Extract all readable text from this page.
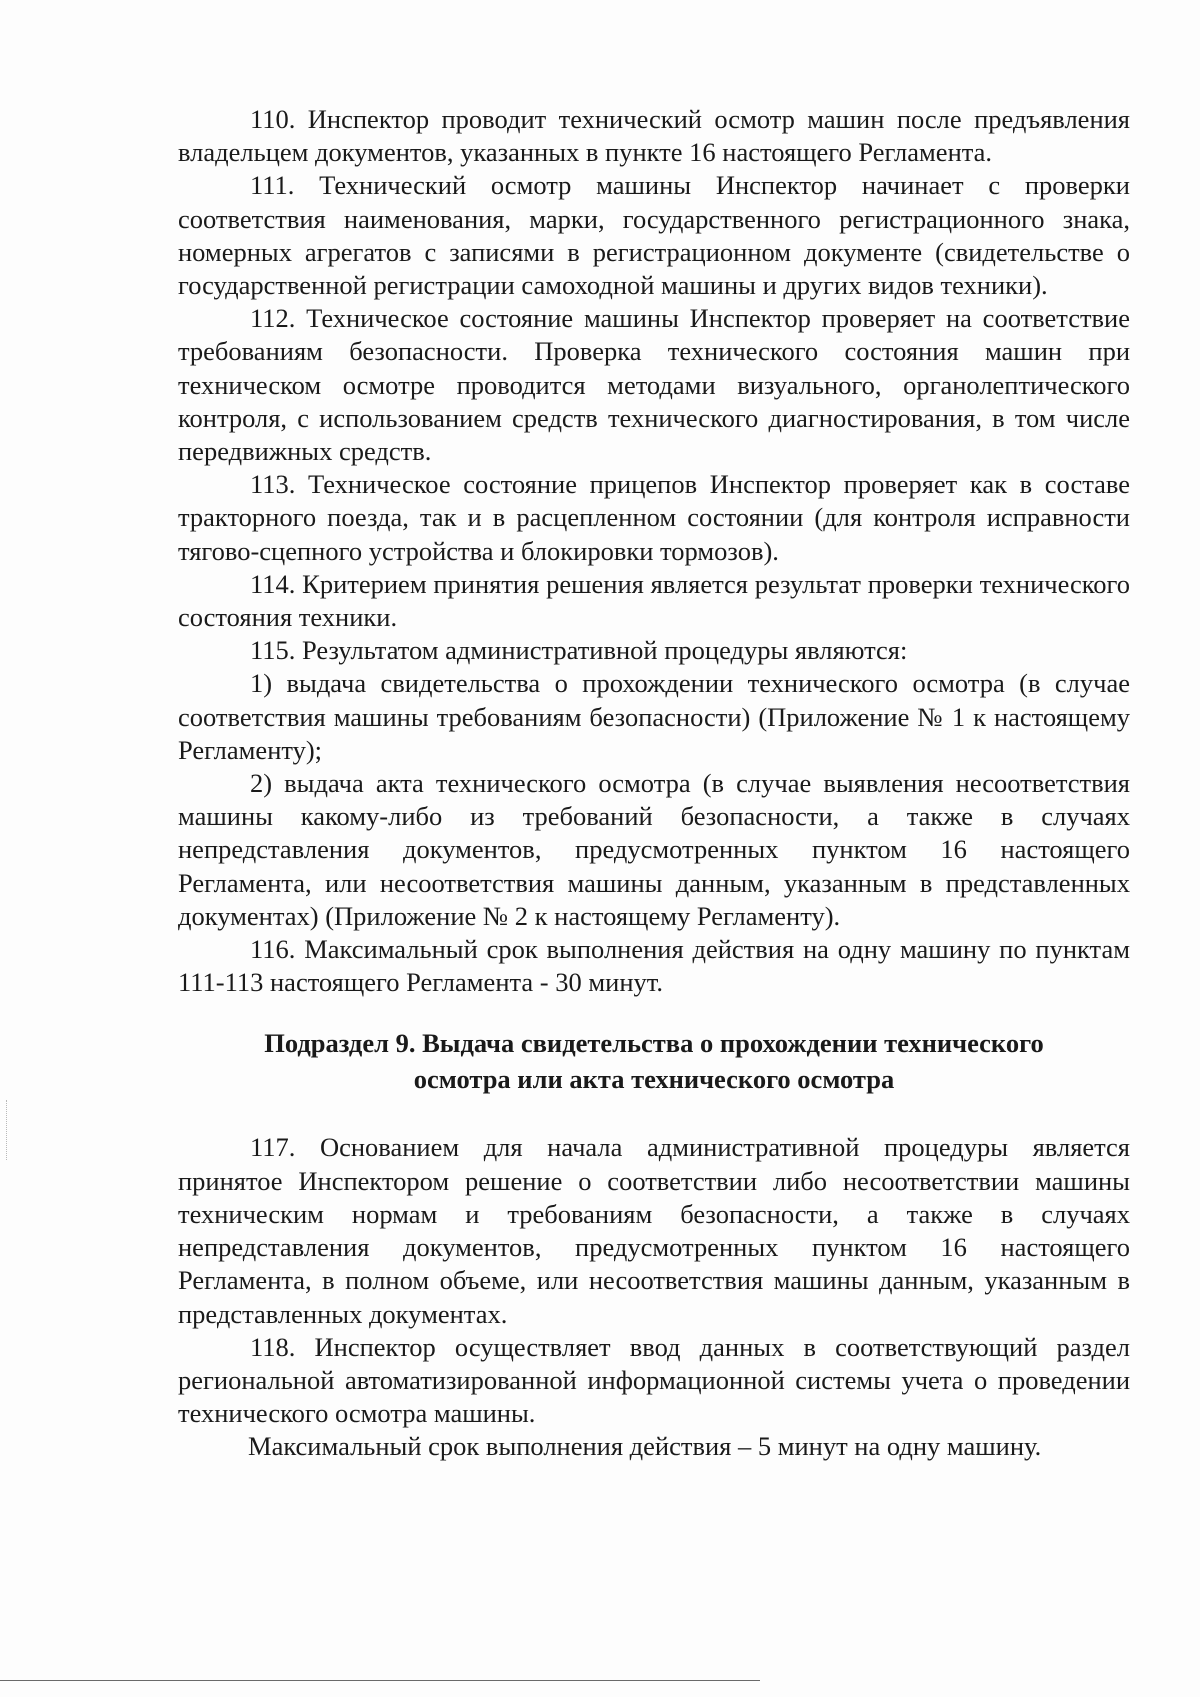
110. Инспектор проводит технический осмотр машин после предъявления владельцем документов, указанных в пункте 16 настоящего Регламента.

111. Технический осмотр машины Инспектор начинает с проверки соответствия наименования, марки, государственного регистрационного знака, номерных агрегатов с записями в регистрационном документе (свидетельстве о государственной регистрации самоходной машины и других видов техники).

112. Техническое состояние машины Инспектор проверяет на соответствие требованиям безопасности. Проверка технического состояния машин при техническом осмотре проводится методами визуального, органолептического контроля, с использованием средств технического диагностирования, в том числе передвижных средств.

113. Техническое состояние прицепов Инспектор проверяет как в составе тракторного поезда, так и в расцепленном состоянии (для контроля исправности тягово-сцепного устройства и блокировки тормозов).

114. Критерием принятия решения является результат проверки технического состояния техники.

115. Результатом административной процедуры являются:

1) выдача свидетельства о прохождении технического осмотра (в случае соответствия машины требованиям безопасности) (Приложение № 1 к настоящему Регламенту);

2) выдача акта технического осмотра (в случае выявления несоответствия машины какому-либо из требований безопасности, а также в случаях непредставления документов, предусмотренных пунктом 16 настоящего Регламента, или несоответствия машины данным, указанным в представленных документах) (Приложение № 2 к настоящему Регламенту).

116. Максимальный срок выполнения действия на одну машину по пунктам 111-113 настоящего Регламента - 30 минут.

Подраздел 9. Выдача свидетельства о прохождении технического осмотра или акта технического осмотра

117. Основанием для начала административной процедуры является принятое Инспектором решение о соответствии либо несоответствии машины техническим нормам и требованиям безопасности, а также в случаях непредставления документов, предусмотренных пунктом 16 настоящего Регламента, в полном объеме, или несоответствия машины данным, указанным в представленных документах.

118. Инспектор осуществляет ввод данных в соответствующий раздел региональной автоматизированной информационной системы учета о проведении технического осмотра машины.

Максимальный срок выполнения действия – 5 минут на одну машину.
